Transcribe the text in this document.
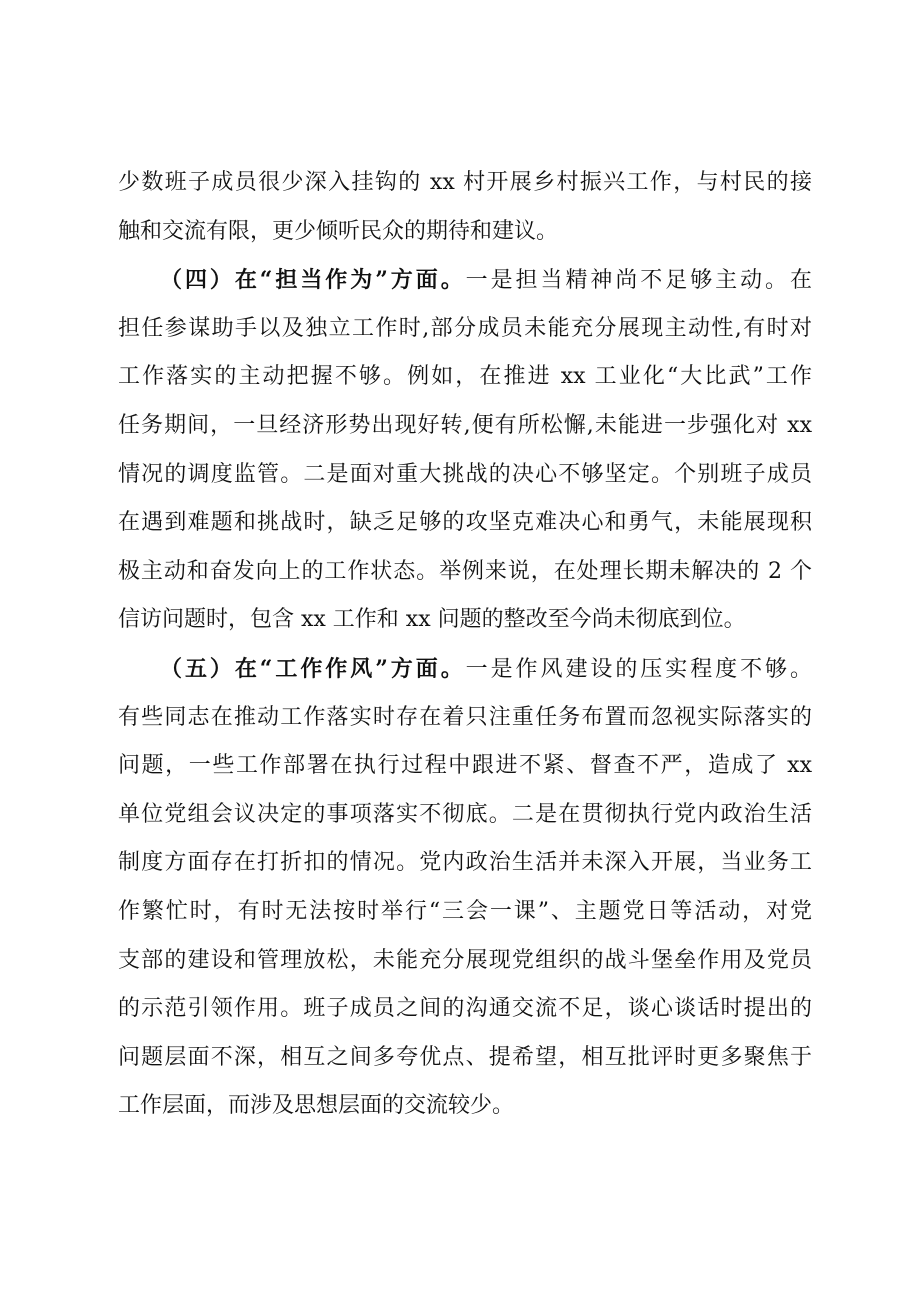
少数班子成员很少深入挂钩的 xx 村开展乡村振兴工作，与村民的接
触和交流有限，更少倾听民众的期待和建议。
（四）在“担当作为”方面。一是担当精神尚不足够主动。在
担任参谋助手以及独立工作时,部分成员未能充分展现主动性,有时对
工作落实的主动把握不够。例如，在推进 xx 工业化“大比武”工作
任务期间，一旦经济形势出现好转,便有所松懈,未能进一步强化对 xx
情况的调度监管。二是面对重大挑战的决心不够坚定。个别班子成员
在遇到难题和挑战时，缺乏足够的攻坚克难决心和勇气，未能展现积
极主动和奋发向上的工作状态。举例来说，在处理长期未解决的 2 个
信访问题时，包含 xx 工作和 xx 问题的整改至今尚未彻底到位。
（五）在“工作作风”方面。一是作风建设的压实程度不够。
有些同志在推动工作落实时存在着只注重任务布置而忽视实际落实的
问题，一些工作部署在执行过程中跟进不紧、督查不严，造成了 xx
单位党组会议决定的事项落实不彻底。二是在贯彻执行党内政治生活
制度方面存在打折扣的情况。党内政治生活并未深入开展，当业务工
作繁忙时，有时无法按时举行“三会一课”、主题党日等活动，对党
支部的建设和管理放松，未能充分展现党组织的战斗堡垒作用及党员
的示范引领作用。班子成员之间的沟通交流不足，谈心谈话时提出的
问题层面不深，相互之间多夸优点、提希望，相互批评时更多聚焦于
工作层面，而涉及思想层面的交流较少。
